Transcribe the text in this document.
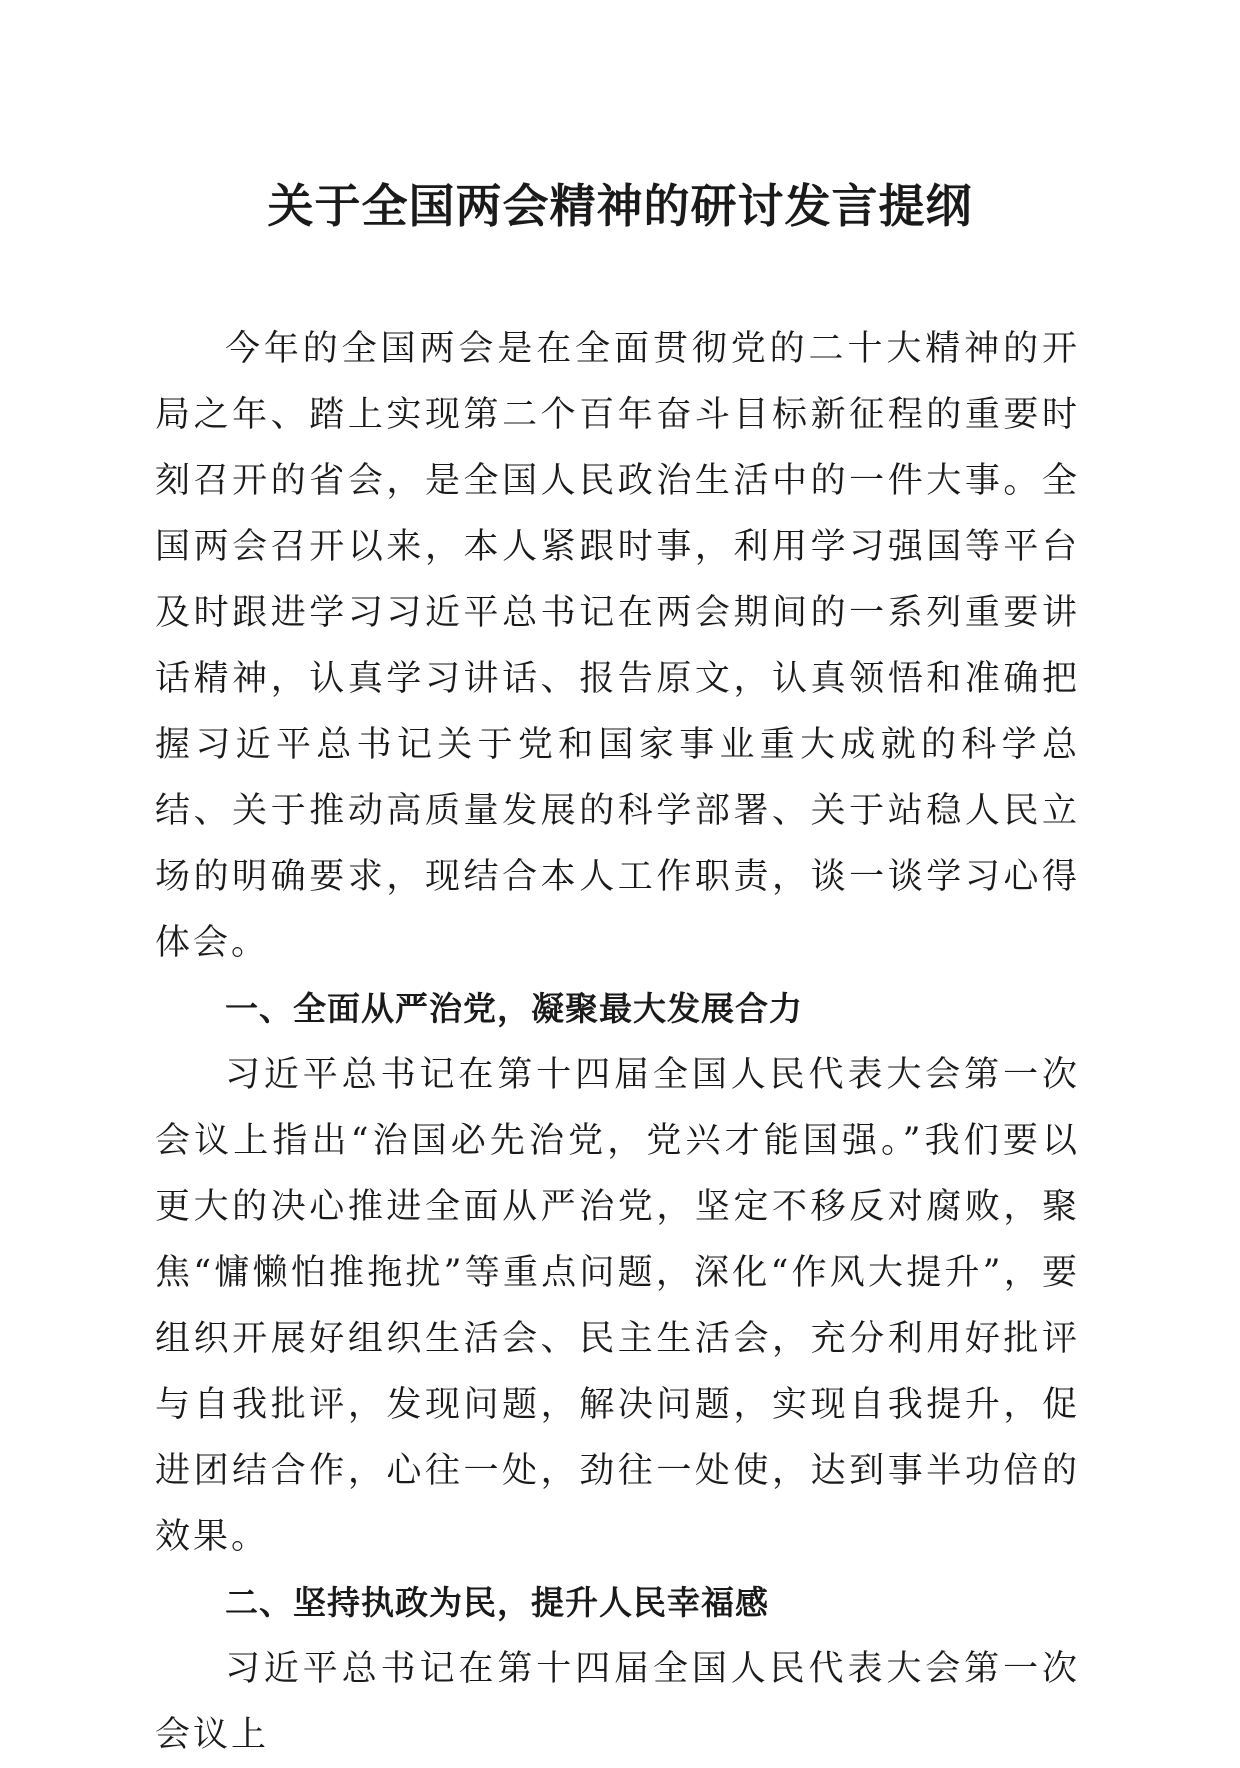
关于全国两会精神的研讨发言提纲

今年的全国两会是在全面贯彻党的二十大精神的开局之年、踏上实现第二个百年奋斗目标新征程的重要时刻召开的省会，是全国人民政治生活中的一件大事。全国两会召开以来，本人紧跟时事，利用学习强国等平台及时跟进学习习近平总书记在两会期间的一系列重要讲话精神，认真学习讲话、报告原文，认真领悟和准确把握习近平总书记关于党和国家事业重大成就的科学总结、关于推动高质量发展的科学部署、关于站稳人民立场的明确要求，现结合本人工作职责，谈一谈学习心得体会。

一、全面从严治党，凝聚最大发展合力

习近平总书记在第十四届全国人民代表大会第一次会议上指出“治国必先治党，党兴才能国强。”我们要以更大的决心推进全面从严治党，坚定不移反对腐败，聚焦“慵懒怕推拖扰”等重点问题，深化“作风大提升”，要组织开展好组织生活会、民主生活会，充分利用好批评与自我批评，发现问题，解决问题，实现自我提升，促进团结合作，心往一处，劲往一处使，达到事半功倍的效果。

二、坚持执政为民，提升人民幸福感

习近平总书记在第十四届全国人民代表大会第一次会议上
